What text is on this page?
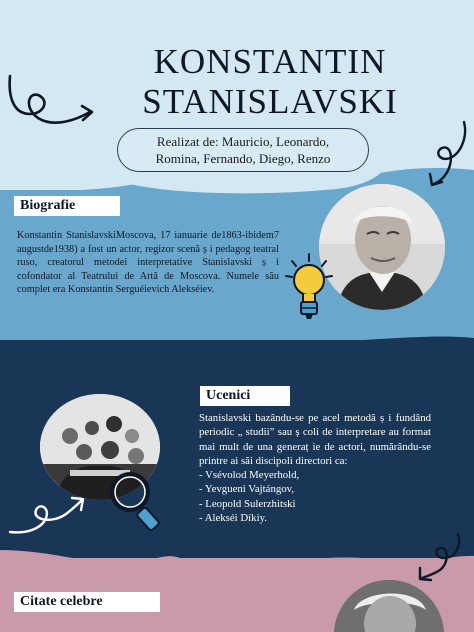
KONSTANTIN
STANISLAVSKI
Realizat de: Mauricio, Leonardo,
Romina, Fernando, Diego, Renzo
Biografie
Konstantin StanislavskiMoscova, 17 ianuarie de1863-ibidem7 augustde1938) a fost un actor, regizor scenă ș i pedagog teatral ruso, creatorul metodei interpretative Stanislavski ș i cofondator al Teatrului de Artă de Moscova. Numele său complet era Konstantín Serguéievich Alekséiev.
Ucenici

Stanislavski bazându-se pe acel metodă ș i fundând periodic „ studii” sau ș coli de interpretare au format mai mult de una generaț ie de actori, numărându-se printre ai săi discipoli directori ca:

- Vsévolod Meyerhold,
- Yevgueni Vajtángov,
- Leopold Sulerzhitski
- Alekséi Díkiy.
Citate celebre
